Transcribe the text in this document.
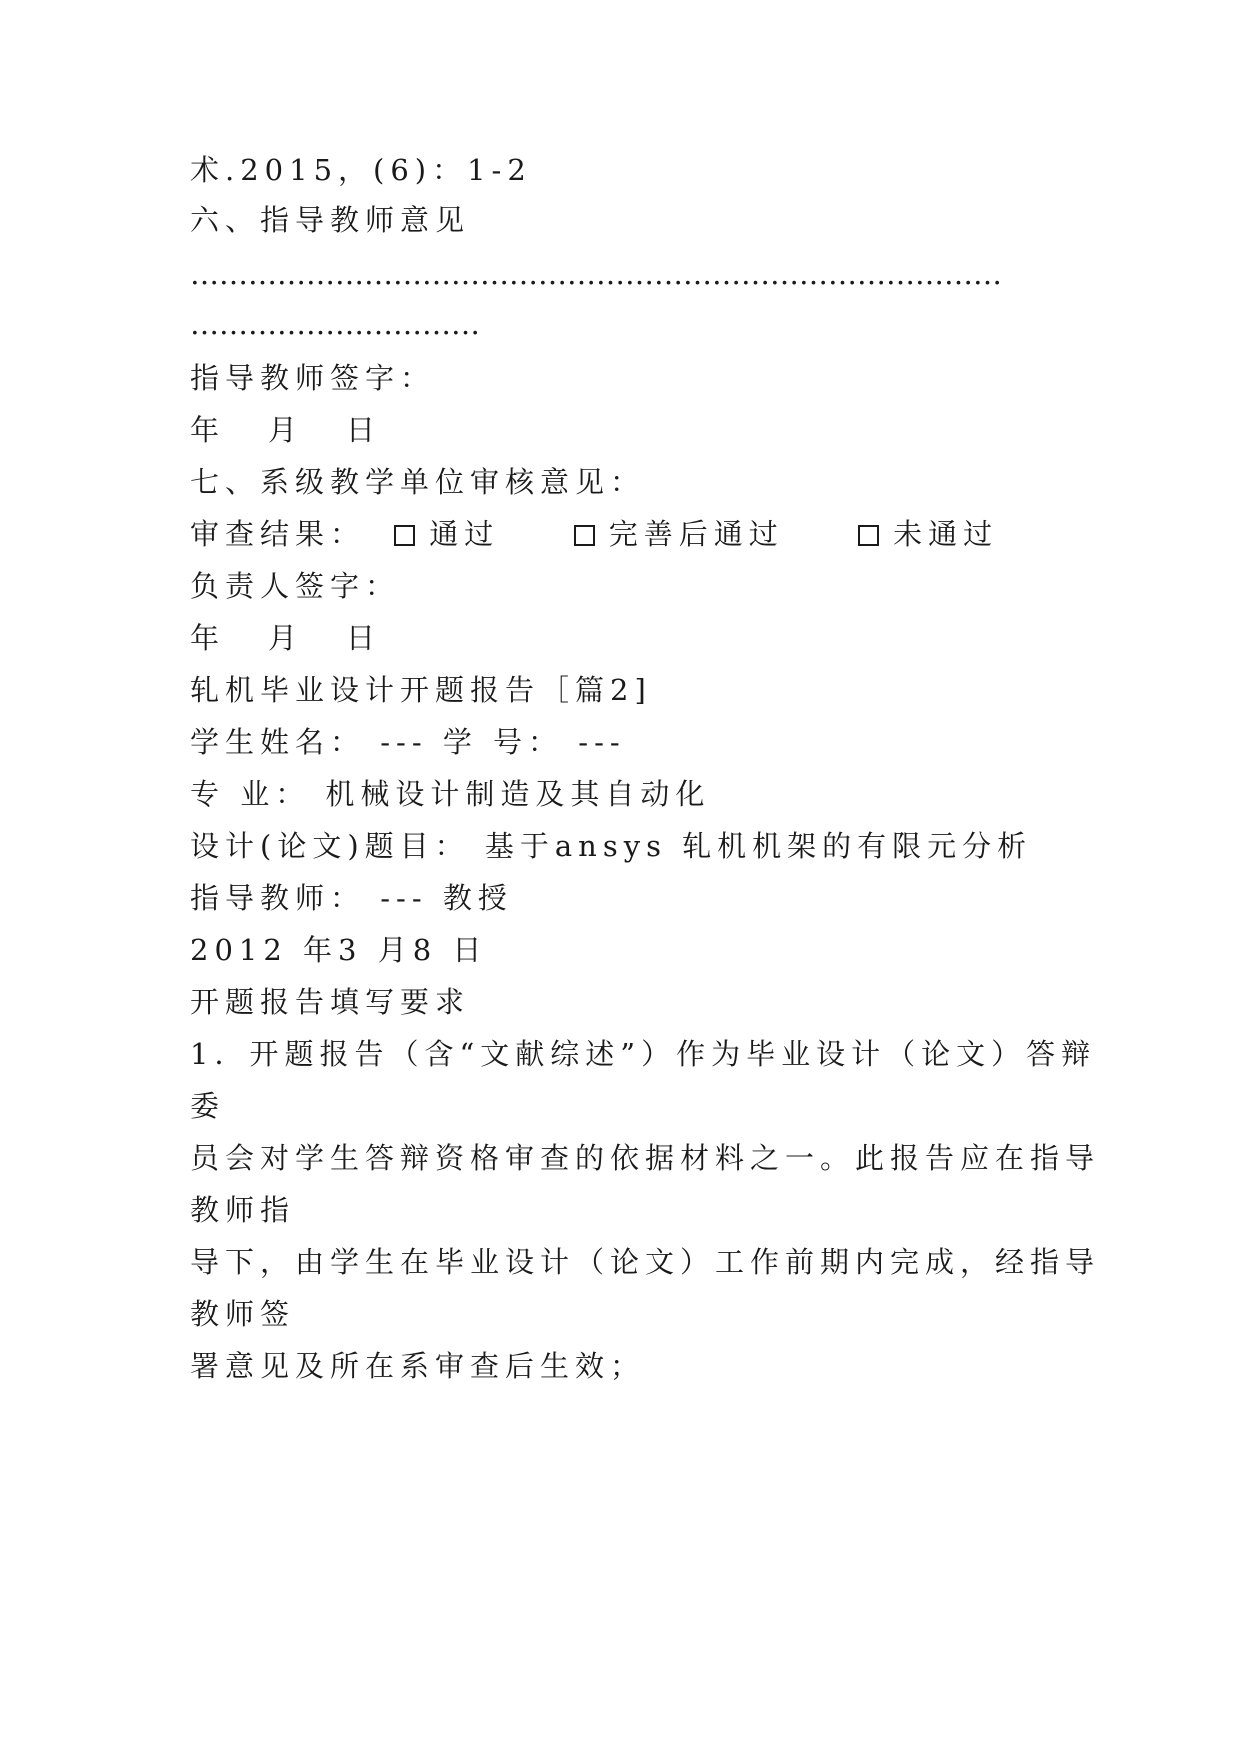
术.2015，(6)：1-2
六、指导教师意见
…………………………………………………………………………
…………………………
指导教师签字：
年　月　日
七、系级教学单位审核意见：
审查结果： 通过	完善后通过	未通过
负责人签字：
年　月　日
轧机毕业设计开题报告［篇2]
学生姓名： --- 学 号： ---
专 业： 机械设计制造及其自动化
设计(论文)题目： 基于ansys 轧机机架的有限元分析
指导教师： --- 教授
2012 年3 月8 日
开题报告填写要求
1．开题报告（含“文献综述”）作为毕业设计（论文）答辩
委
员会对学生答辩资格审查的依据材料之一。此报告应在指导
教师指
导下，由学生在毕业设计（论文）工作前期内完成，经指导
教师签
署意见及所在系审查后生效；
